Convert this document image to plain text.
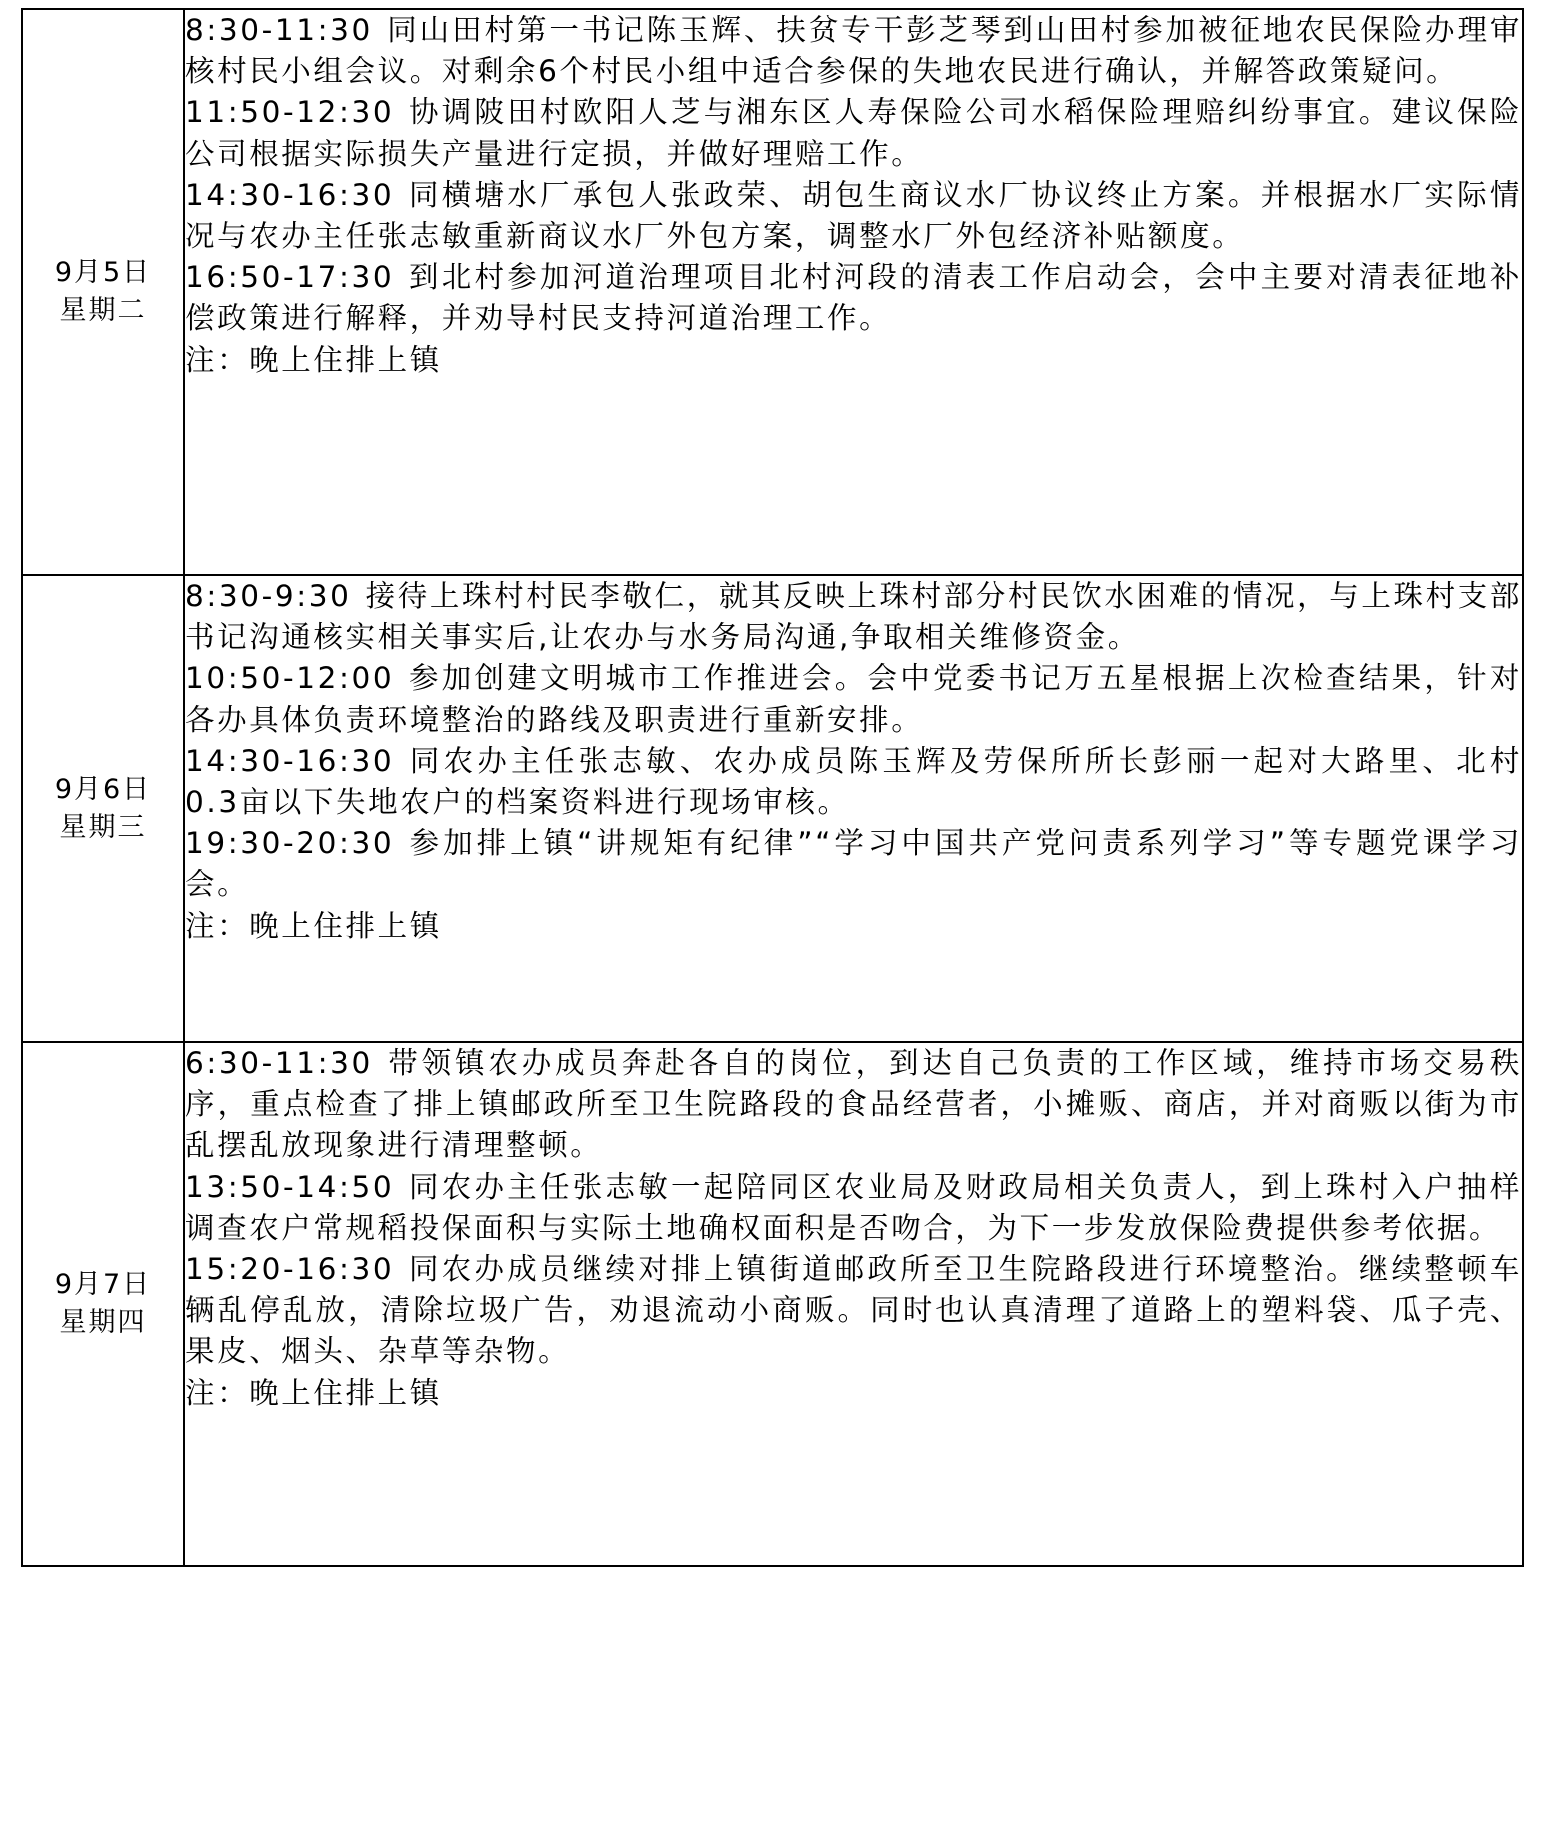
9月5日
星期二	8:30-11:30 同山田村第一书记陈玉辉、扶贫专干彭芝琴到山田村参加被征地农民保险办理审核村民小组会议。对剩余6个村民小组中适合参保的失地农民进行确认，并解答政策疑问。
11:50-12:30 协调陂田村欧阳人芝与湘东区人寿保险公司水稻保险理赔纠纷事宜。建议保险公司根据实际损失产量进行定损，并做好理赔工作。
14:30-16:30 同横塘水厂承包人张政荣、胡包生商议水厂协议终止方案。并根据水厂实际情况与农办主任张志敏重新商议水厂外包方案，调整水厂外包经济补贴额度。
16:50-17:30 到北村参加河道治理项目北村河段的清表工作启动会，会中主要对清表征地补偿政策进行解释，并劝导村民支持河道治理工作。
注：晚上住排上镇

9月6日
星期三	8:30-9:30 接待上珠村村民李敬仁，就其反映上珠村部分村民饮水困难的情况，与上珠村支部书记沟通核实相关事实后,让农办与水务局沟通,争取相关维修资金。
10:50-12:00 参加创建文明城市工作推进会。会中党委书记万五星根据上次检查结果，针对各办具体负责环境整治的路线及职责进行重新安排。
14:30-16:30 同农办主任张志敏、农办成员陈玉辉及劳保所所长彭丽一起对大路里、北村0.3亩以下失地农户的档案资料进行现场审核。
19:30-20:30 参加排上镇“讲规矩有纪律”“学习中国共产党问责系列学习”等专题党课学习会。
注：晚上住排上镇

9月7日
星期四	6:30-11:30 带领镇农办成员奔赴各自的岗位，到达自己负责的工作区域，维持市场交易秩序，重点检查了排上镇邮政所至卫生院路段的食品经营者，小摊贩、商店，并对商贩以街为市乱摆乱放现象进行清理整顿。
13:50-14:50 同农办主任张志敏一起陪同区农业局及财政局相关负责人，到上珠村入户抽样调查农户常规稻投保面积与实际土地确权面积是否吻合，为下一步发放保险费提供参考依据。
15:20-16:30 同农办成员继续对排上镇街道邮政所至卫生院路段进行环境整治。继续整顿车辆乱停乱放，清除垃圾广告，劝退流动小商贩。同时也认真清理了道路上的塑料袋、瓜子壳、果皮、烟头、杂草等杂物。
注：晚上住排上镇
